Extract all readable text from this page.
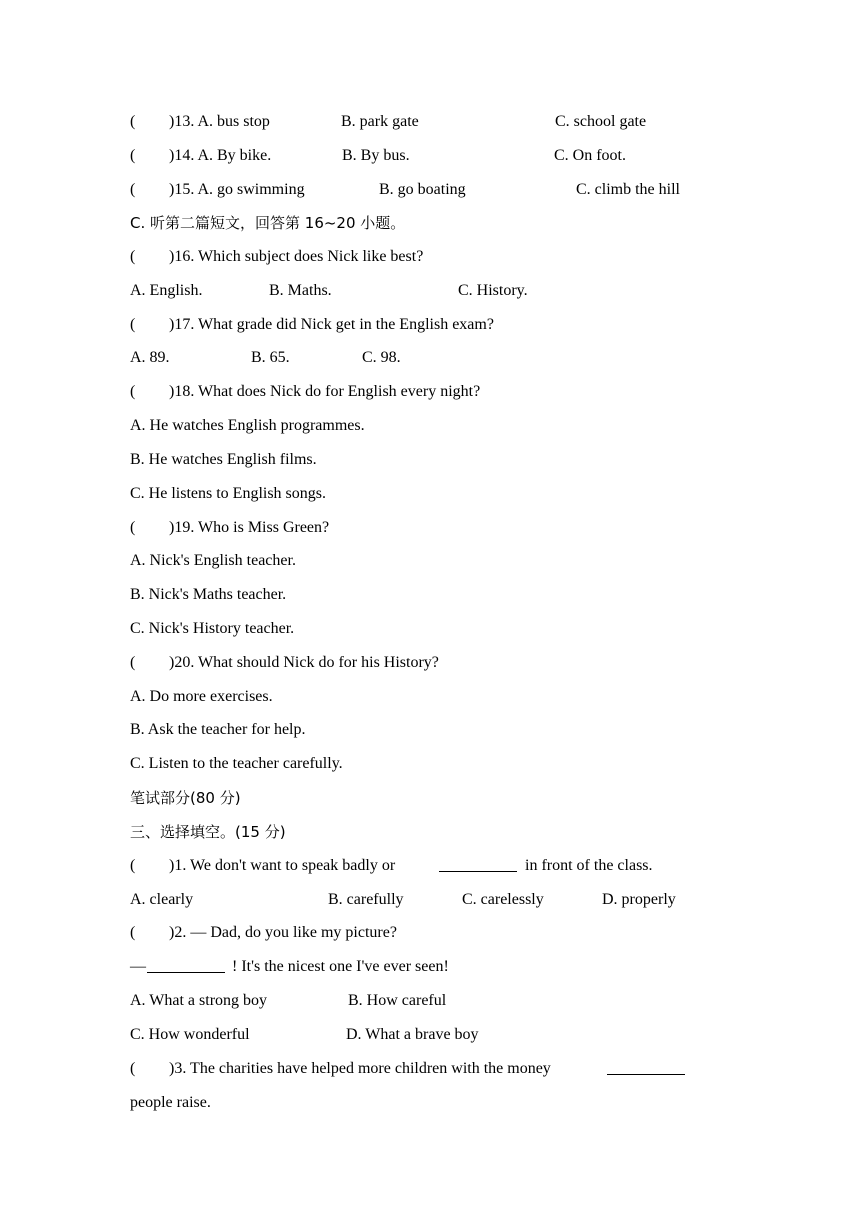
( )13. A. bus stop	B. park gate	C. school gate
( )14. A. By bike.	B. By bus.	C. On foot.
( )15. A. go swimming	B. go boating	C. climb the hill
C. 听第二篇短文，回答第 16~20 小题。
( )16. Which subject does Nick like best?
A. English.	B. Maths.	C. History.
( )17. What grade did Nick get in the English exam?
A. 89.	B. 65.	C. 98.
( )18. What does Nick do for English every night?
A. He watches English programmes.
B. He watches English films.
C. He listens to English songs.
( )19. Who is Miss Green?
A. Nick's English teacher.
B. Nick's Maths teacher.
C. Nick's History teacher.
( )20. What should Nick do for his History?
A. Do more exercises.
B. Ask the teacher for help.
C. Listen to the teacher carefully.
笔试部分(80 分)
三、选择填空。(15 分)
( )1. We don't want to speak badly or	in front of the class.
A. clearly	B. carefully	C. carelessly	D. properly
( )2. — Dad, do you like my picture?
—	! It's the nicest one I've ever seen!
A. What a strong boy	B. How careful
C. How wonderful	D. What a brave boy
( )3. The charities have helped more children with the money
people raise.
